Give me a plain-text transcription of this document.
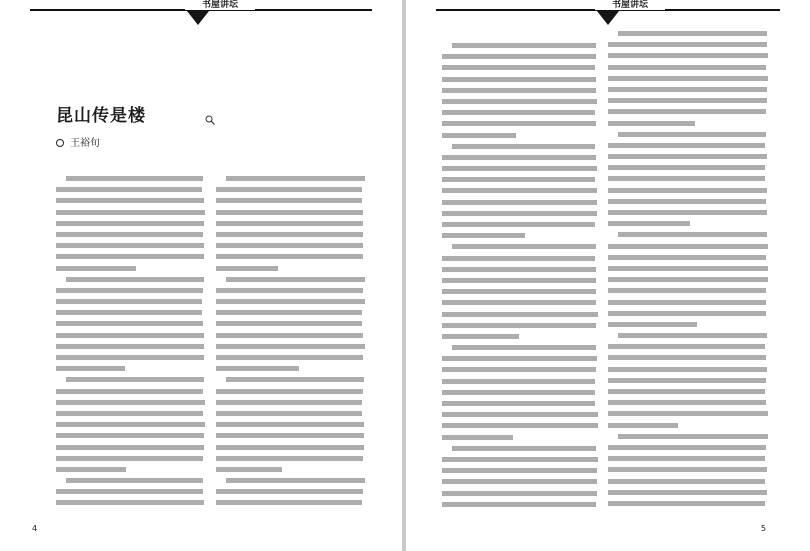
书屋讲坛
昆山传是楼
王裕旬
4
书屋讲坛
5
